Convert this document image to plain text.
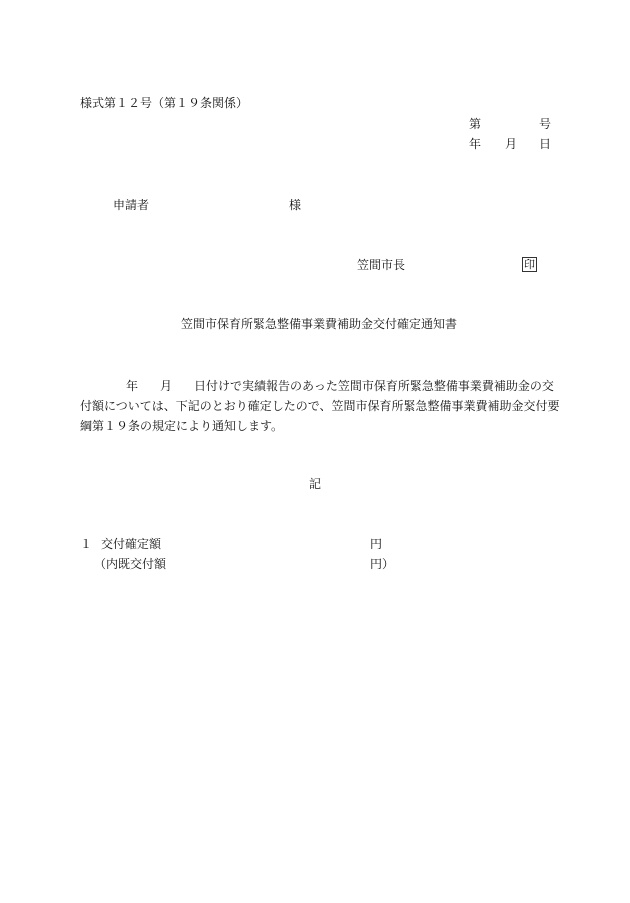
様式第１２号（第１９条関係）
第	号
年 月 日
申請者	様
笠間市長	印
笠間市保育所緊急整備事業費補助金交付確定通知書
年 月 日付けで実績報告のあった笠間市保育所緊急整備事業費補助金の交
付額については、下記のとおり確定したので、笠間市保育所緊急整備事業費補助金交付要
綱第１９条の規定により通知します。
記
１ 交付確定額	円
（内既交付額	円）
